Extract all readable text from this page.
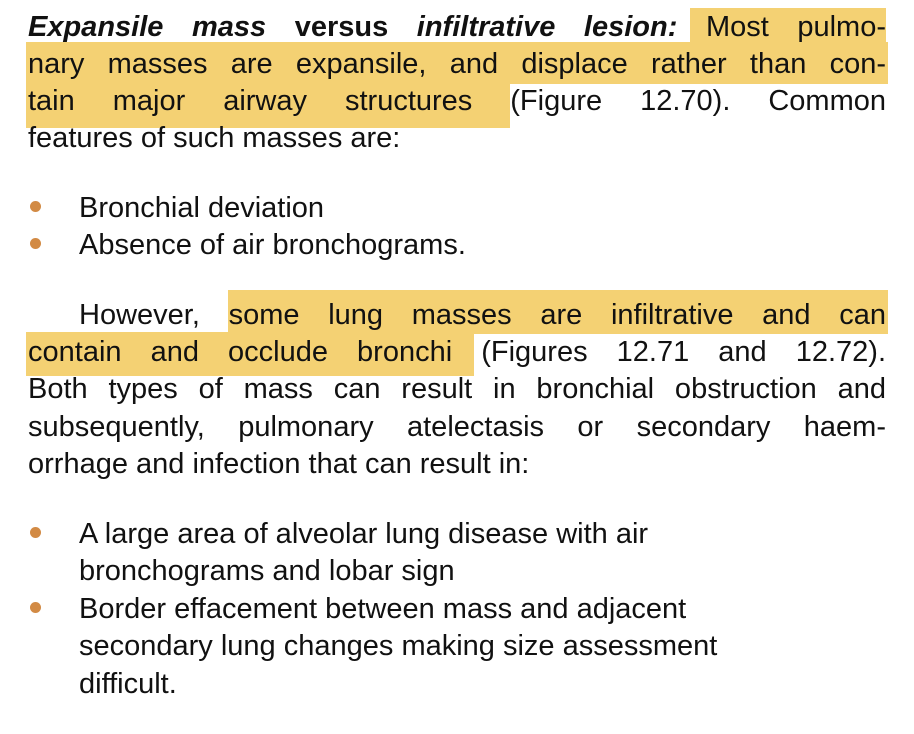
Expansile mass versus infiltrative lesion: Most pulmo-
nary masses are expansile, and displace rather than con-
tain major airway structures (Figure 12.70). Common
features of such masses are:
Bronchial deviation
Absence of air bronchograms.
However, some lung masses are infiltrative and can
contain and occlude bronchi (Figures 12.71 and 12.72).
Both types of mass can result in bronchial obstruction and
subsequently, pulmonary atelectasis or secondary haem-
orrhage and infection that can result in:
A large area of alveolar lung disease with air
bronchograms and lobar sign
Border effacement between mass and adjacent
secondary lung changes making size assessment
difficult.
